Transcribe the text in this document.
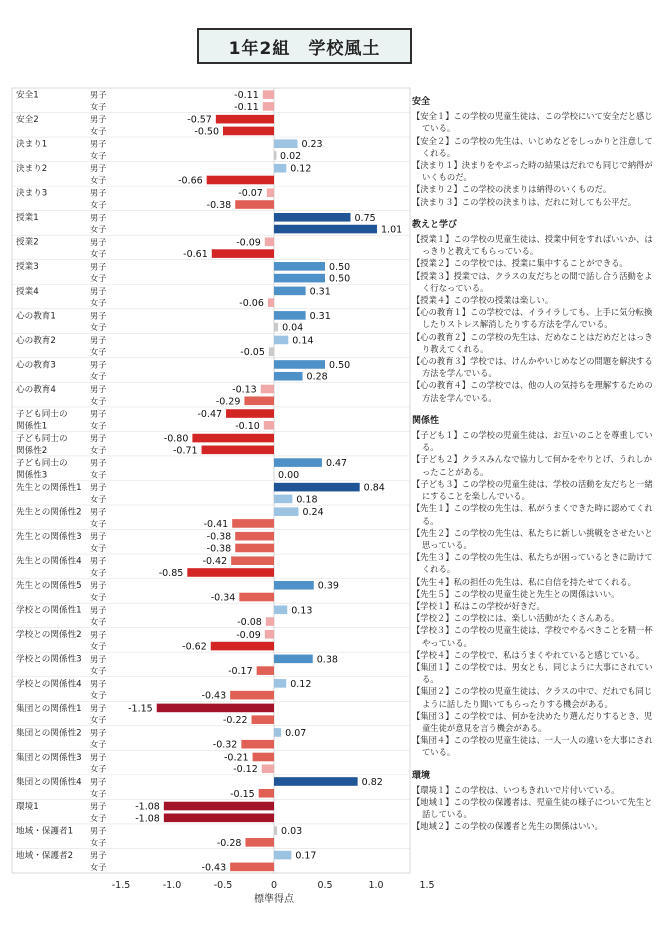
1年2組　学校風土
安全1	男子	-0.11
女子	-0.11
安全2	男子	-0.57
女子	-0.50
決まり1	男子	0.23
女子	0.02
決まり2	男子	0.12
女子	-0.66
決まり3	男子	-0.07
女子	-0.38
授業1	男子	0.75
女子	1.01
授業2	男子	-0.09
女子	-0.61
授業3	男子	0.50
女子	0.50
授業4	男子	0.31
女子	-0.06
心の教育1	男子	0.31
女子	0.04
心の教育2	男子	0.14
女子	-0.05
心の教育3	男子	0.50
女子	0.28
心の教育4	男子	-0.13
女子	-0.29
子ども同士の関係性1
男子	-0.47
女子	-0.10
子ども同士の関係性2
男子	-0.80
女子	-0.71
子ども同士の関係性3
男子	0.47
女子	0.00
先生との関係性1 男子	0.84
女子	0.18
先生との関係性2 男子	0.24
女子	-0.41
先生との関係性3 男子	-0.38
女子	-0.38
先生との関係性4 男子	-0.42
女子	-0.85
先生との関係性5 男子	0.39
女子	-0.34
学校との関係性1 男子	0.13
女子	-0.08
学校との関係性2 男子	-0.09
女子	-0.62
学校との関係性3 男子	0.38
女子	-0.17
学校との関係性4 男子	0.12
女子	-0.43
集団との関係性1 男子 -1.15
女子	-0.22
集団との関係性2 男子	0.07
女子	-0.32
集団との関係性3 男子	-0.21
女子	-0.12
集団との関係性4 男子	0.82
女子	-0.15
環境1	男子	-1.08
女子	-1.08
地域・保護者1 男子	0.03
女子	-0.28
地域・保護者2 男子	0.17
女子	-0.43
-1.5	-1.0	-0.5	0	0.5	1.0	1.5
標準得点
安全
【安全１】この学校の児童生徒は、この学校にいて安全だと感じている。
【安全２】この学校の先生は、いじめなどをしっかりと注意してくれる。
【決まり１】決まりをやぶった時の結果はだれでも同じで納得がいくものだ。
【決まり２】この学校の決まりは納得のいくものだ。
【決まり３】この学校の決まりは、だれに対しても公平だ。
教えと学び
【授業１】この学校の児童生徒は、授業中何をすればいいか、はっきりと教えてもらっている。
【授業２】この学校では、授業に集中することができる。
【授業３】授業では、クラスの友だちとの間で話し合う活動をよく行なっている。
【授業４】この学校の授業は楽しい。
【心の教育１】この学校では、イライラしても、上手に気分転換したりストレス解消したりする方法を学んでいる。
【心の教育２】この学校の先生は、だめなことはだめだとはっきり教えてくれる。
【心の教育３】学校では、けんかやいじめなどの問題を解決する方法を学んでいる。
【心の教育４】この学校では、他の人の気持ちを理解するための方法を学んでいる。
関係性
【子ども１】この学校の児童生徒は、お互いのことを尊重している。
【子ども２】クラスみんなで協力して何かをやりとげ、うれしかったことがある。
【子ども３】この学校の児童生徒は、学校の活動を友だちと一緒にすることを楽しんでいる。
【先生１】この学校の先生は、私がうまくできた時に認めてくれる。
【先生２】この学校の先生は、私たちに新しい挑戦をさせたいと思っている。
【先生３】この学校の先生は、私たちが困っているときに助けてくれる。
【先生４】私の担任の先生は、私に自信を持たせてくれる。
【先生５】この学校の児童生徒と先生との関係はいい。
【学校１】私はこの学校が好きだ。
【学校２】この学校には、楽しい活動がたくさんある。
【学校３】この学校の児童生徒は、学校でやるべきことを精一杯やっている。
【学校４】この学校で、私はうまくやれていると感じている。
【集団１】この学校では、男女とも、同じように大事にされている。
【集団２】この学校の児童生徒は、クラスの中で、だれでも同じように話したり聞いてもらったりする機会がある。
【集団３】この学校では、何かを決めたり選んだりするとき、児童生徒が意見を言う機会がある。
【集団４】この学校の児童生徒は、一人一人の違いを大事にされている。
環境
【環境１】この学校は、いつもきれいで片付いている。
【地域１】この学校の保護者は、児童生徒の様子について先生と話している。
【地域２】この学校の保護者と先生の関係はいい。
